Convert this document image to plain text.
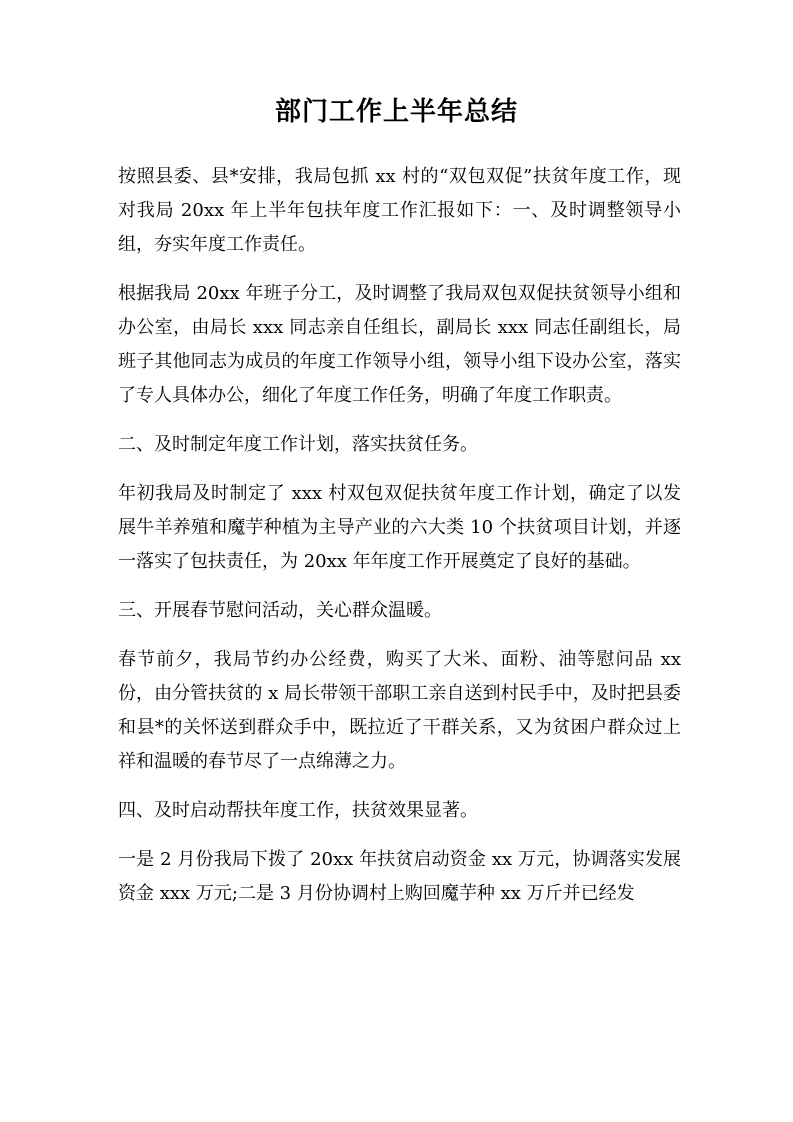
部门工作上半年总结

按照县委、县*安排，我局包抓 xx 村的“双包双促”扶贫年度工作，现对我局 20xx 年上半年包扶年度工作汇报如下：一、及时调整领导小组，夯实年度工作责任。

根据我局 20xx 年班子分工，及时调整了我局双包双促扶贫领导小组和办公室，由局长 xxx 同志亲自任组长，副局长 xxx 同志任副组长，局班子其他同志为成员的年度工作领导小组，领导小组下设办公室，落实了专人具体办公，细化了年度工作任务，明确了年度工作职责。

二、及时制定年度工作计划，落实扶贫任务。

年初我局及时制定了 xxx 村双包双促扶贫年度工作计划，确定了以发展牛羊养殖和魔芋种植为主导产业的六大类 10 个扶贫项目计划，并逐一落实了包扶责任，为 20xx 年年度工作开展奠定了良好的基础。

三、开展春节慰问活动，关心群众温暖。

春节前夕，我局节约办公经费，购买了大米、面粉、油等慰问品 xx 份，由分管扶贫的 x 局长带领干部职工亲自送到村民手中，及时把县委和县*的关怀送到群众手中，既拉近了干群关系，又为贫困户群众过上祥和温暖的春节尽了一点绵薄之力。

四、及时启动帮扶年度工作，扶贫效果显著。

一是 2 月份我局下拨了 20xx 年扶贫启动资金 xx 万元，协调落实发展资金 xxx 万元;二是 3 月份协调村上购回魔芋种 xx 万斤并已经发
